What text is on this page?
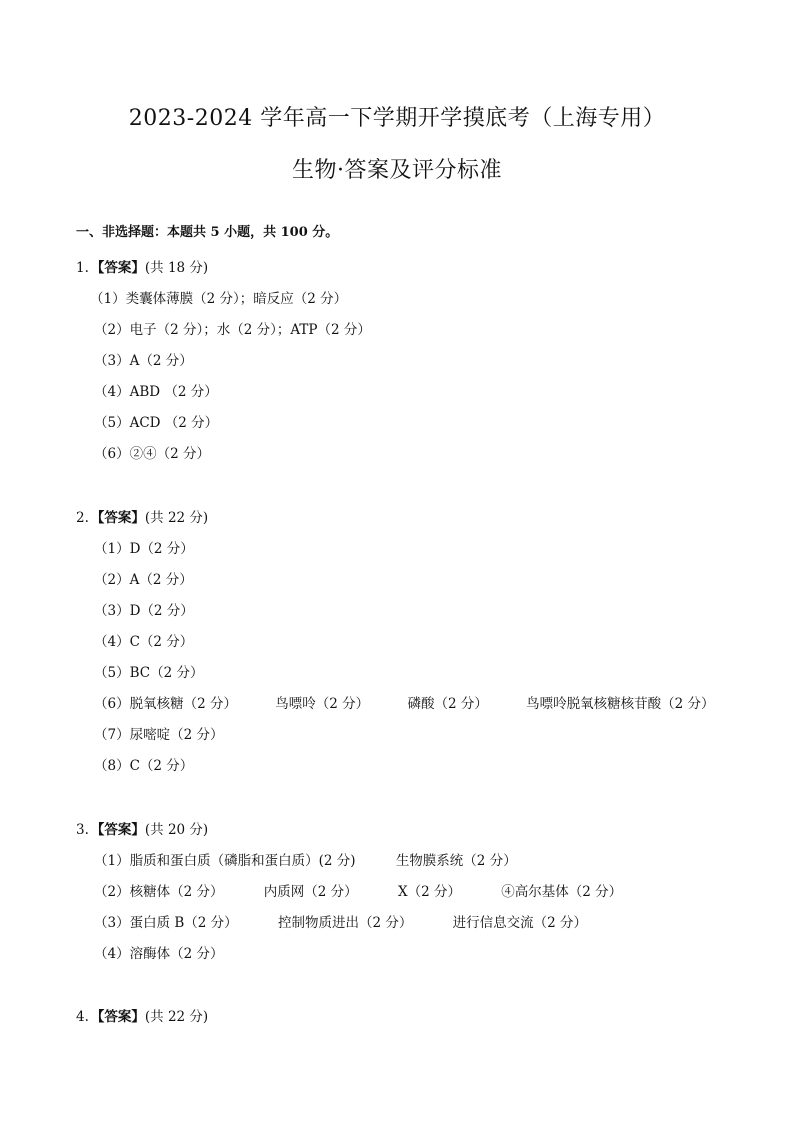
2023-2024 学年高一下学期开学摸底考（上海专用）
生物·答案及评分标准
一、非选择题：本题共 5 小题，共 100 分。
1. 【答案】(共 18 分)
（1）类囊体薄膜（2 分）；暗反应（2 分）
（2）电子（2 分）；水（2 分）；ATP（2 分）
（3）A（2 分）
（4）ABD （2 分）
（5）ACD （2 分）
（6）②④（2 分）
2. 【答案】(共 22 分)
（1）D（2 分）
（2）A（2 分）
（3）D（2 分）
（4）C（2 分）
（5）BC（2 分）
（6）脱氧核糖（2 分）	鸟嘌呤（2 分）	磷酸（2 分）	鸟嘌呤脱氧核糖核苷酸（2 分）
（7）尿嘧啶（2 分）
（8）C（2 分）
3. 【答案】(共 20 分)
（1）脂质和蛋白质（磷脂和蛋白质）(2 分)	生物膜系统（2 分）
（2）核糖体（2 分）	内质网（2 分）	X（2 分）	④高尔基体（2 分）
（3）蛋白质 B（2 分）	控制物质进出（2 分）	进行信息交流（2 分）
（4）溶酶体（2 分）
4. 【答案】(共 22 分)
